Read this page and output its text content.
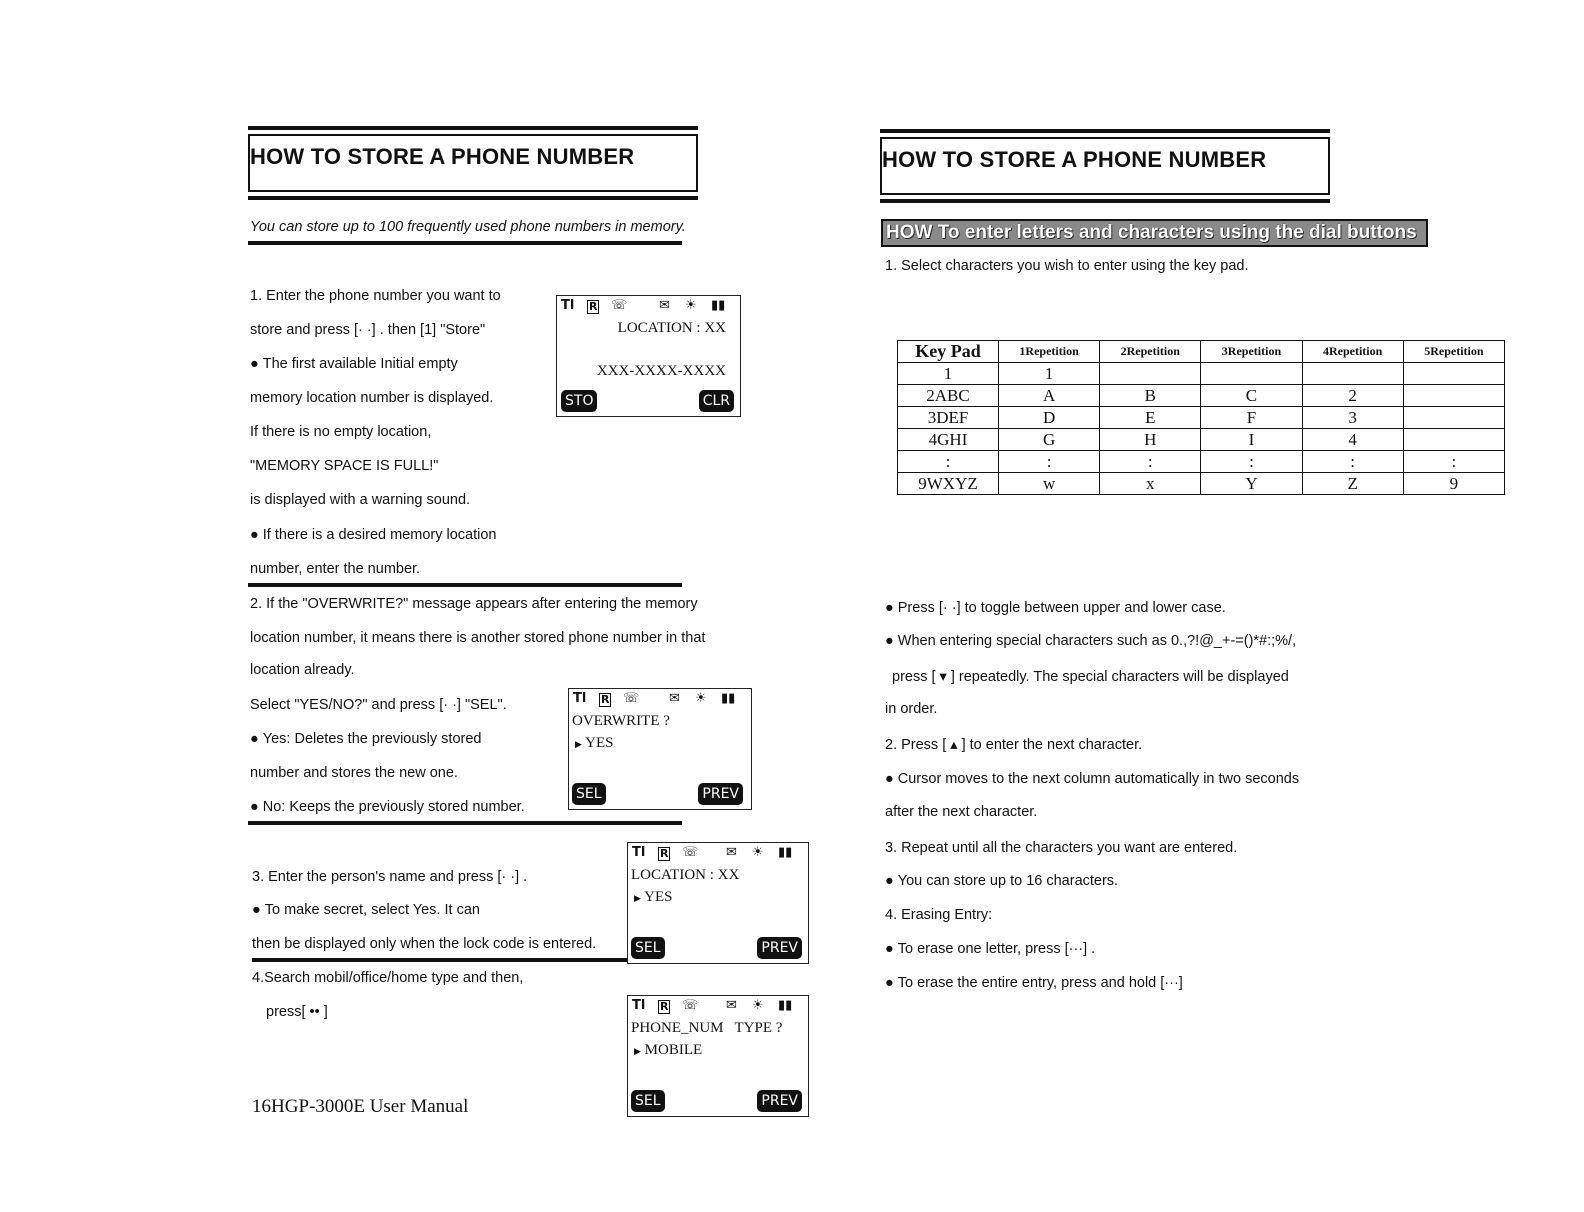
HOW TO STORE A PHONE NUMBER
You can store up to 100 frequently used phone numbers in memory.
1. Enter the phone number you want to
store and press [· ·] . then [1] "Store"
● The first available Initial empty
memory location number is displayed.
If there is no empty location,
"MEMORY SPACE IS FULL!"
is displayed with a warning sound.
● If there is a desired memory location
number, enter the number.
𝗧l R ☏ ✉ ☀ ▮▮
LOCATION : XX
XXX-XXXX-XXXX
STO	CLR
2. If the "OVERWRITE?" message appears after entering the memory
location number, it means there is another stored phone number in that
location already.
Select "YES/NO?" and press [· ·] "SEL".
● Yes: Deletes the previously stored
number and stores the new one.
● No: Keeps the previously stored number.
𝗧l R ☏ ✉ ☀ ▮▮
OVERWRITE ?
▶ YES
SEL	PREV
3. Enter the person's name and press [· ·] .
● To make secret, select Yes. It can
then be displayed only when the lock code is entered.
𝗧l R ☏ ✉ ☀ ▮▮
LOCATION : XX
▶ YES
SEL	PREV
4.Search mobil/office/home type and then,
press[ •• ]	𝗧l R ☏ ✉ ☀ ▮▮
PHONE_NUM   TYPE ?
▶ MOBILE
SEL	PREV
16HGP-3000E User Manual
HOW TO STORE A PHONE NUMBER
HOW To enter letters and characters using the dial buttons
1. Select characters you wish to enter using the key pad.
Key Pad	1Repetition	2Repetition	3Repetition	4Repetition	5Repetition
1	1				
2ABC	A	B	C	2	
3DEF	D	E	F	3	
4GHI	G	H	I	4	
:	:	:	:	:	:
9WXYZ	w	x	Y	Z	9
● Press [· ·] to toggle between upper and lower case.
● When entering special characters such as 0.,?!@_+-=()*#:;%/,
press [ ▾ ] repeatedly. The special characters will be displayed
in order.
2. Press [ ▴ ] to enter the next character.
● Cursor moves to the next column automatically in two seconds
after the next character.
3. Repeat until all the characters you want are entered.
● You can store up to 16 characters.
4. Erasing Entry:
● To erase one letter, press [···] .
● To erase the entire entry, press and hold [···]
